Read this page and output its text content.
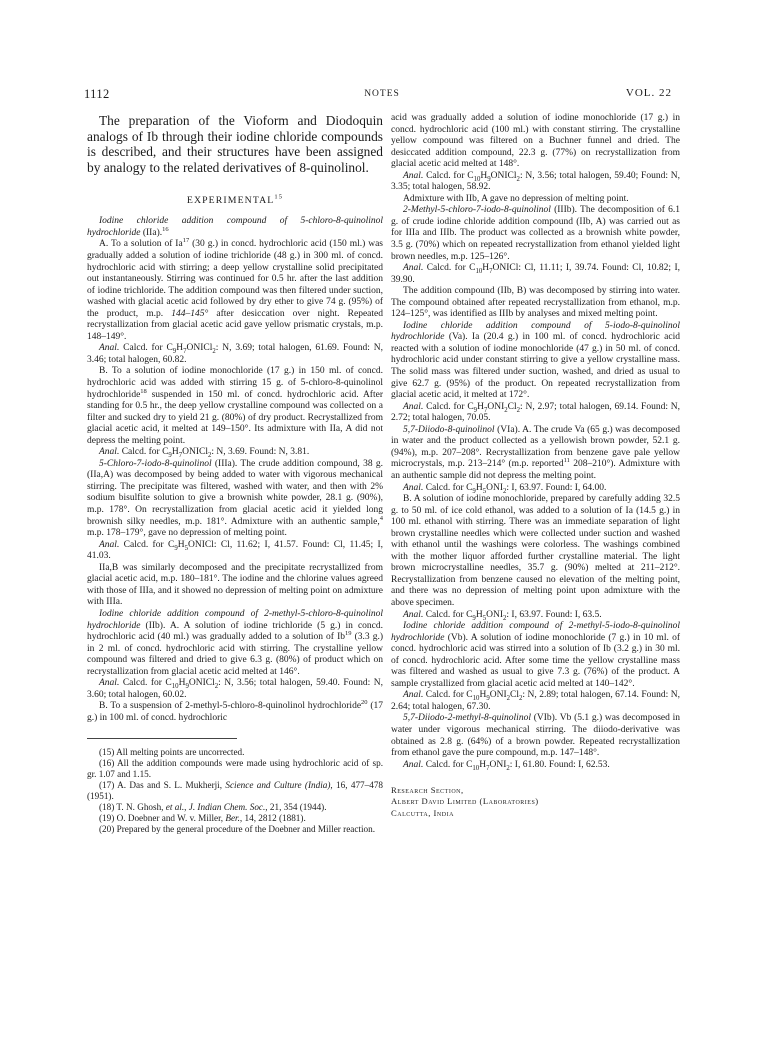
1112	NOTES	VOL. 22

The preparation of the Vioform and Diodoquin analogs of Ib through their iodine chloride compounds is described, and their structures have been assigned by analogy to the related derivatives of 8-quinolinol.

EXPERIMENTAL$^{15}$

Iodine chloride addition compound of 5-chloro-8-quinolinol hydrochloride (IIa).$^{16}$

A. To a solution of Ia$^{17}$ (30 g.) in concd. hydrochloric acid (150 ml.) was gradually added a solution of iodine trichloride (48 g.) in 300 ml. of concd. hydrochloric acid with stirring; a deep yellow crystalline solid precipitated out instantaneously. Stirring was continued for 0.5 hr. after the last addition of iodine trichloride. The addition compound was then filtered under suction, washed with glacial acetic acid followed by dry ether to give 74 g. (95%) of the product, m.p. 144–145° after desiccation over night. Repeated recrystallization from glacial acetic acid gave yellow prismatic crystals, m.p. 148–149°.

Anal. Calcd. for $C_9H_7ONICl_2$: N, 3.69; total halogen, 61.69. Found: N, 3.46; total halogen, 60.82.

B. To a solution of iodine monochloride (17 g.) in 150 ml. of concd. hydrochloric acid was added with stirring 15 g. of 5-chloro-8-quinolinol hydrochloride$^{18}$ suspended in 150 ml. of concd. hydrochloric acid. After standing for 0.5 hr., the deep yellow crystalline compound was collected on a filter and sucked dry to yield 21 g. (80%) of dry product. Recrystallized from glacial acetic acid, it melted at 149–150°. Its admixture with IIa, A did not depress the melting point.

Anal. Calcd. for $C_9H_7ONICl_2$: N, 3.69. Found: N, 3.81.

5-Chloro-7-iodo-8-quinolinol (IIIa). The crude addition compound, 38 g. (IIa,A) was decomposed by being added to water with vigorous mechanical stirring. The precipitate was filtered, washed with water, and then with 2% sodium bisulfite solution to give a brownish white powder, 28.1 g. (90%), m.p. 178°. On recrystallization from glacial acetic acid it yielded long brownish silky needles, m.p. 181°. Admixture with an authentic sample,$^4$ m.p. 178–179°, gave no depression of melting point.

Anal. Calcd. for $C_9H_5ONICl$: Cl, 11.62; I, 41.57. Found: Cl, 11.45; I, 41.03.

IIa,B was similarly decomposed and the precipitate recrystallized from glacial acetic acid, m.p. 180–181°. The iodine and the chlorine values agreed with those of IIIa, and it showed no depression of melting point on admixture with IIIa.

Iodine chloride addition compound of 2-methyl-5-chloro-8-quinolinol hydrochloride (IIb). A. A solution of iodine trichloride (5 g.) in concd. hydrochloric acid (40 ml.) was gradually added to a solution of Ib$^{19}$ (3.3 g.) in 2 ml. of concd. hydrochloric acid with stirring. The crystalline yellow compound was filtered and dried to give 6.3 g. (80%) of product which on recrystallization from glacial acetic acid melted at 146°.

Anal. Calcd. for $C_{10}H_9ONICl_2$: N, 3.56; total halogen, 59.40. Found: N, 3.60; total halogen, 60.02.

B. To a suspension of 2-methyl-5-chloro-8-quinolinol hydrochloride$^{20}$ (17 g.) in 100 ml. of concd. hydrochloric

(15) All melting points are uncorrected.

(16) All the addition compounds were made using hydrochloric acid of sp. gr. 1.07 and 1.15.

(17) A. Das and S. L. Mukherji, Science and Culture (India), 16, 477–478 (1951).

(18) T. N. Ghosh, et al., J. Indian Chem. Soc., 21, 354 (1944).

(19) O. Doebner and W. v. Miller, Ber., 14, 2812 (1881).

(20) Prepared by the general procedure of the Doebner and Miller reaction.

acid was gradually added a solution of iodine monochloride (17 g.) in concd. hydrochloric acid (100 ml.) with constant stirring. The crystalline yellow compound was filtered on a Buchner funnel and dried. The desiccated addition compound, 22.3 g. (77%) on recrystallization from glacial acetic acid melted at 148°.

Anal. Calcd. for $C_{10}H_9ONICl_2$: N, 3.56; total halogen, 59.40; Found: N, 3.35; total halogen, 58.92.

Admixture with IIb, A gave no depression of melting point.

2-Methyl-5-chloro-7-iodo-8-quinolinol (IIIb). The decomposition of 6.1 g. of crude iodine chloride addition compound (IIb, A) was carried out as for IIIa and IIIb. The product was collected as a brownish white powder, 3.5 g. (70%) which on repeated recrystallization from ethanol yielded light brown needles, m.p. 125–126°.

Anal. Calcd. for $C_{10}H_7ONICl$: Cl, 11.11; I, 39.74. Found: Cl, 10.82; I, 39.90.

The addition compound (IIb, B) was decomposed by stirring into water. The compound obtained after repeated recrystallization from ethanol, m.p. 124–125°, was identified as IIIb by analyses and mixed melting point.

Iodine chloride addition compound of 5-iodo-8-quinolinol hydrochloride (Va). Ia (20.4 g.) in 100 ml. of concd. hydrochloric acid reacted with a solution of iodine monochloride (47 g.) in 50 ml. of concd. hydrochloric acid under constant stirring to give a yellow crystalline mass. The solid mass was filtered under suction, washed, and dried as usual to give 62.7 g. (95%) of the product. On repeated recrystallization from glacial acetic acid, it melted at 172°.

Anal. Calcd. for $C_9H_7ONI_2Cl_2$: N, 2.97; total halogen, 69.14. Found: N, 2.72; total halogen, 70.05.

5,7-Diiodo-8-quinolinol (VIa). A. The crude Va (65 g.) was decomposed in water and the product collected as a yellowish brown powder, 52.1 g. (94%), m.p. 207–208°. Recrystallization from benzene gave pale yellow microcrystals, m.p. 213–214° (m.p. reported$^{11}$ 208–210°). Admixture with an authentic sample did not depress the melting point.

Anal. Calcd. for $C_9H_5ONI_2$: I, 63.97. Found: I, 64.00.

B. A solution of iodine monochloride, prepared by carefully adding 32.5 g. to 50 ml. of ice cold ethanol, was added to a solution of Ia (14.5 g.) in 100 ml. ethanol with stirring. There was an immediate separation of light brown crystalline needles which were collected under suction and washed with ethanol until the washings were colorless. The washings combined with the mother liquor afforded further crystalline material. The light brown microcrystalline needles, 35.7 g. (90%) melted at 211–212°. Recrystallization from benzene caused no elevation of the melting point, and there was no depression of melting point upon admixture with the above specimen.

Anal. Calcd. for $C_9H_5ONI_2$: I, 63.97. Found: I, 63.5.

Iodine chloride addition compound of 2-methyl-5-iodo-8-quinolinol hydrochloride (Vb). A solution of iodine monochloride (7 g.) in 10 ml. of concd. hydrochloric acid was stirred into a solution of Ib (3.2 g.) in 30 ml. of concd. hydrochloric acid. After some time the yellow crystalline mass was filtered and washed as usual to give 7.3 g. (76%) of the product. A sample crystallized from glacial acetic acid melted at 140–142°.

Anal. Calcd. for $C_{10}H_9ONI_2Cl_2$: N, 2.89; total halogen, 67.14. Found: N, 2.64; total halogen, 67.30.

5,7-Diiodo-2-methyl-8-quinolinol (VIb). Vb (5.1 g.) was decomposed in water under vigorous mechanical stirring. The diiodo-derivative was obtained as 2.8 g. (64%) of a brown powder. Repeated recrystallization from ethanol gave the pure compound, m.p. 147–148°.

Anal. Calcd. for $C_{10}H_7ONI_2$: I, 61.80. Found: I, 62.53.

Research Section,
Albert David Limited (Laboratories)
Calcutta, India
